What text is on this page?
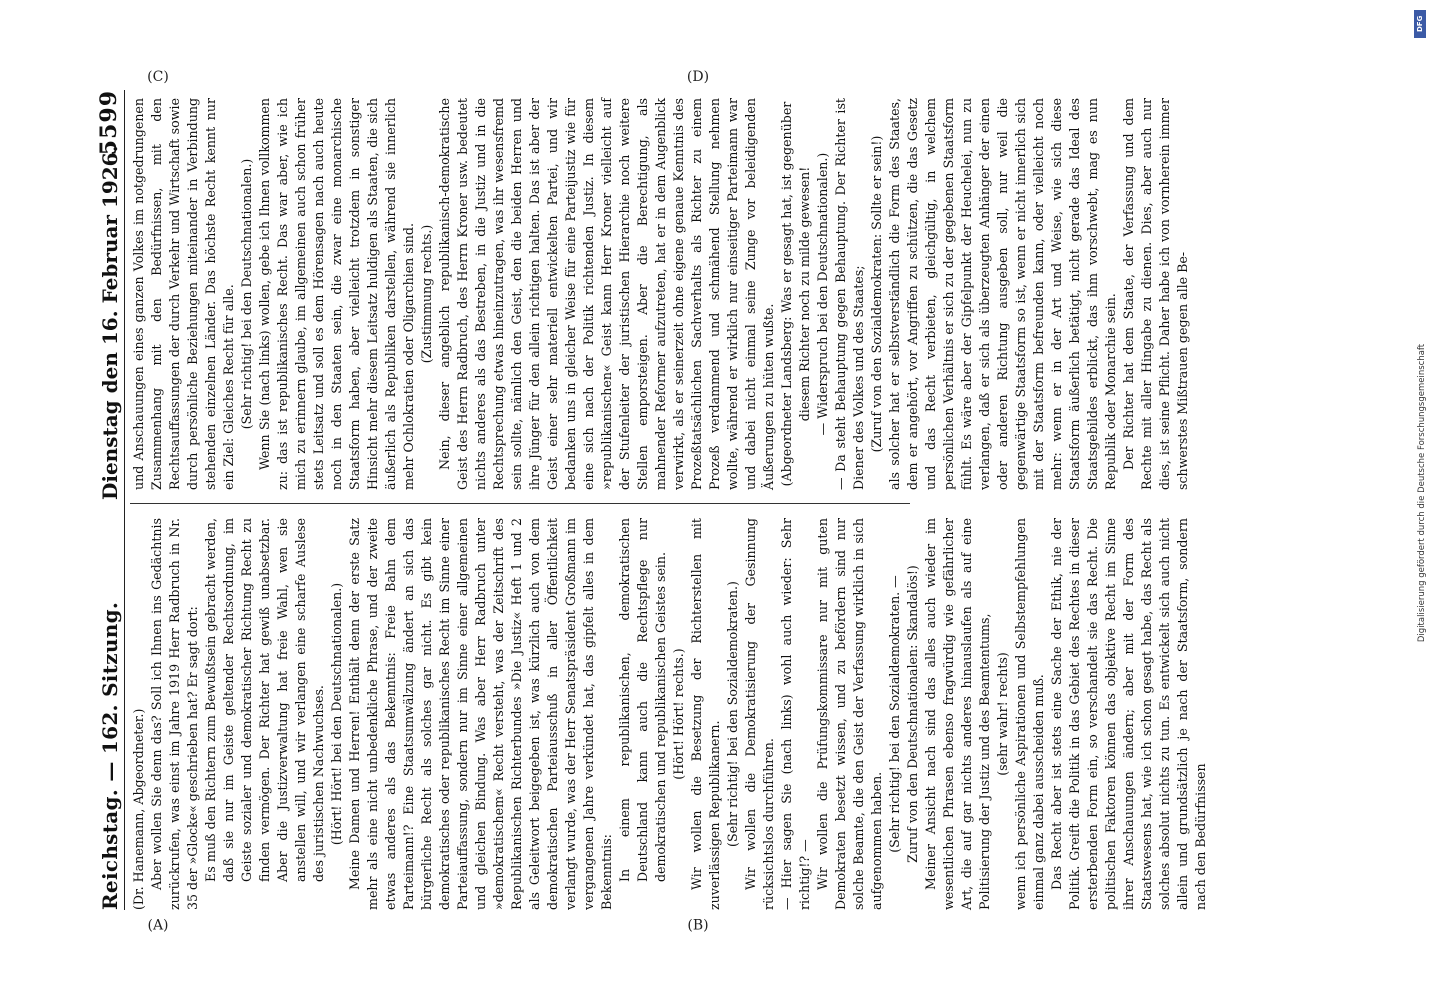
Reichstag. — 162. Sitzung.
Dienstag den 16. Februar 1926.
5599

(Dr. Hanemann, Abgeordneter.) Aber wollen Sie denn das? Soll ich Ihnen ins Gedächtnis zurückrufen, was einst im Jahre 1919 Herr Radbruch in Nr. 35 der »Glocke« geschrieben hat? Er sagt dort: Es muß den Richtern zum Bewußtsein gebracht werden, daß sie nur im Geiste geltender Rechtsordnung, im Geiste sozialer und demokratischer Richtung Recht zu finden vermögen. Der Richter hat gewiß unabsetzbar. Aber die Justizverwaltung hat freie Wahl, wen sie anstellen will, und wir verlangen eine scharfe Auslese des juristischen Nachwuchses. (Hört! Hört! bei den Deutschnationalen.) Meine Damen und Herren! Enthält denn der erste Satz mehr als eine nicht unbedenkliche Phrase, und der zweite etwas anderes als das Bekenntnis: Freie Bahn dem Parteimann!? Eine Staatsumwälzung ändert an sich das bürgerliche Recht als solches gar nicht. Es gibt kein demokratisches oder republikanisches Recht im Sinne einer Parteiauffassung, sondern nur im Sinne einer allgemeinen und gleichen Bindung. Was aber Herr Radbruch unter »demokratischem« Recht versteht, was der Zeitschrift des Republikanischen Richterbundes »Die Justiz« Heft 1 und 2 als Geleitwort beigegeben ist, was kürzlich auch von dem demokratischen Parteiausschuß in aller Öffentlichkeit verlangt wurde, was der Herr Senatspräsident Großmann im vergangenen Jahre verkündet hat, das gipfelt alles in dem Bekenntnis: In einem republikanischen, demokratischen Deutschland kann auch die Rechtspflege nur demokratischen und republikanischen Geistes sein. (Hört! Hört! rechts.) Wir wollen die Besetzung der Richterstellen mit zuverlässigen Republikanern. (Sehr richtig! bei den Sozialdemokraten.) Wir wollen die Demokratisierung der Gesinnung rücksichtslos durchführen. — Hier sagen Sie (nach links) wohl auch wieder: Sehr richtig!? — Wir wollen die Prüfungskommissare nur mit guten Demokraten besetzt wissen, und zu befördern sind nur solche Beamte, die den Geist der Verfassung wirklich in sich aufgenommen haben. (Sehr richtig! bei den Sozialdemokraten. — Zuruf von den Deutschnationalen: Skandalös!) Meiner Ansicht nach sind das alles auch wieder im wesentlichen Phrasen ebenso fragwürdig wie gefährlicher Art, die auf gar nichts anderes hinauslaufen als auf eine Politisierung der Justiz und des Beamtentums, (sehr wahr! rechts) wenn ich persönliche Aspirationen und Selbstempfehlungen einmal ganz dabei ausscheiden muß. Das Recht aber ist stets eine Sache der Ethik, nie der Politik. Greift die Politik in das Gebiet des Rechtes in dieser ersterbenden Form ein, so verschandelt sie das Recht. Die politischen Faktoren können das objektive Recht im Sinne ihrer Anschauungen ändern; aber mit der Form des Staatswesens hat, wie ich schon gesagt habe, das Recht als solches absolut nichts zu tun. Es entwickelt sich auch nicht allein und grundsätzlich je nach der Staatsform, sondern nach den Bedürfnissen

und Anschauungen eines ganzen Volkes im notgedrungenen Zusammenhang mit den Bedürfnissen, mit den Rechtsauffassungen der durch Verkehr und Wirtschaft sowie durch persönliche Beziehungen miteinander in Verbindung stehenden einzelnen Länder. Das höchste Recht kennt nur ein Ziel: Gleiches Recht für alle. (Sehr richtig! bei den Deutschnationalen.) Wenn Sie (nach links) wollen, gebe ich Ihnen vollkommen zu: das ist republikanisches Recht. Das war aber, wie ich mich zu erinnern glaube, im allgemeinen auch schon früher stets Leitsatz und soll es dem Hörensagen nach auch heute noch in den Staaten sein, die zwar eine monarchische Staatsform haben, aber vielleicht trotzdem in sonstiger Hinsicht mehr diesem Leitsatz huldigen als Staaten, die sich äußerlich als Republiken darstellen, während sie innerlich mehr Ochlokratien oder Oligarchien sind. (Zustimmung rechts.) Nein, dieser angeblich republikanisch-demokratische Geist des Herrn Radbruch, des Herrn Kroner usw. bedeutet nichts anderes als das Bestreben, in die Justiz und in die Rechtsprechung etwas hineinzutragen, was ihr wesensfremd sein sollte, nämlich den Geist, den die beiden Herren und ihre Jünger für den allein richtigen halten. Das ist aber der Geist einer sehr materiell entwickelten Partei, und wir bedanken uns in gleicher Weise für eine Parteijustiz wie für eine sich nach der Politik richtenden Justiz. In diesem »republikanischen« Geist kann Herr Kroner vielleicht auf der Stufenleiter der juristischen Hierarchie noch weitere Stellen emporsteigen. Aber die Berechtigung, als mahnender Reformer aufzutreten, hat er in dem Augenblick verwirkt, als er seinerzeit ohne eigene genaue Kenntnis des Prozeßtatsächlichen Sachverhalts als Richter zu einem Prozeß verdammend und schmähend Stellung nehmen wollte, während er wirklich nur einseitiger Parteimann war und dabei nicht einmal seine Zunge vor beleidigenden Äußerungen zu hüten wußte. (Abgeordneter Landsberg: Was er gesagt hat, ist gegenüber diesem Richter noch zu milde gewesen! — Widerspruch bei den Deutschnationalen.) — Da steht Behauptung gegen Behauptung. Der Richter ist Diener des Volkes und des Staates; (Zuruf von den Sozialdemokraten: Sollte er sein!) als solcher hat er selbstverständlich die Form des Staates, dem er angehört, vor Angriffen zu schützen, die das Gesetz und das Recht verbieten, gleichgültig, in welchem persönlichen Verhältnis er sich zu der gegebenen Staatsform fühlt. Es wäre aber der Gipfelpunkt der Heuchelei, nun zu verlangen, daß er sich als überzeugten Anhänger der einen oder anderen Richtung ausgeben soll, nur weil die gegenwärtige Staatsform so ist, wenn er nicht innerlich sich mit der Staatsform befreunden kann, oder vielleicht noch mehr: wenn er in der Art und Weise, wie sich diese Staatsform äußerlich betätigt, nicht gerade das Ideal des Staatsgebildes erblickt, das ihm vorschwebt, mag es nun Republik oder Monarchie sein. Der Richter hat dem Staate, der Verfassung und dem Rechte mit aller Hingabe zu dienen. Dies, aber auch nur dies, ist seine Pflicht. Daher habe ich von vornherein immer schwerstes Mißtrauen gegen alle Be-

(A)	(B)
(C)	(D)
DFG
Digitalisierung gefördert durch die Deutsche Forschungsgemeinschaft
